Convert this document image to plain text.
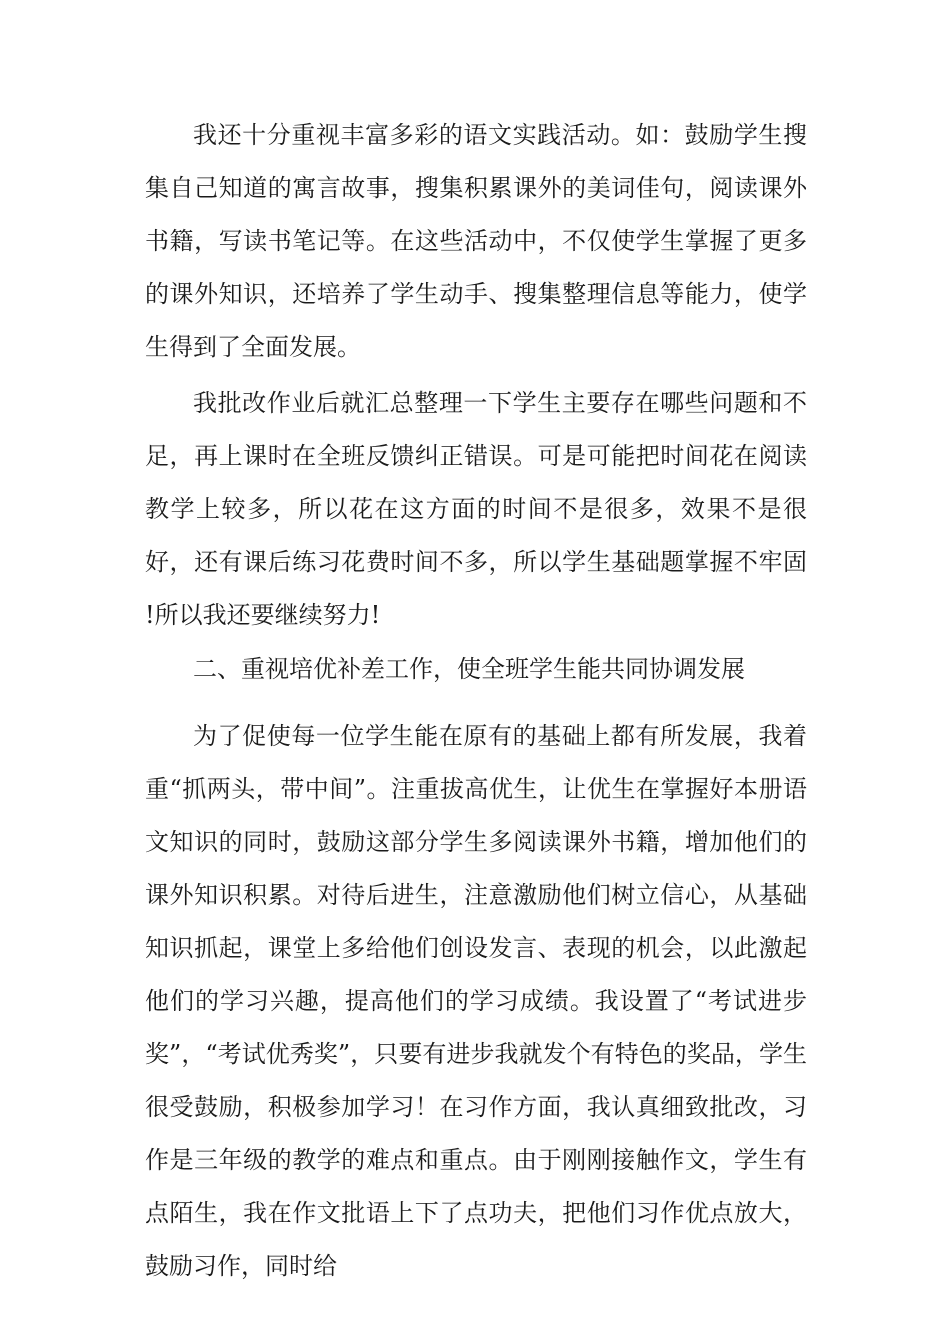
我还十分重视丰富多彩的语文实践活动。如：鼓励学生搜集自己知道的寓言故事，搜集积累课外的美词佳句，阅读课外书籍，写读书笔记等。在这些活动中，不仅使学生掌握了更多的课外知识，还培养了学生动手、搜集整理信息等能力，使学生得到了全面发展。

我批改作业后就汇总整理一下学生主要存在哪些问题和不足，再上课时在全班反馈纠正错误。可是可能把时间花在阅读教学上较多，所以花在这方面的时间不是很多，效果不是很好，还有课后练习花费时间不多，所以学生基础题掌握不牢固 !所以我还要继续努力!

二、重视培优补差工作，使全班学生能共同协调发展

为了促使每一位学生能在原有的基础上都有所发展，我着重“抓两头，带中间”。注重拔高优生，让优生在掌握好本册语文知识的同时，鼓励这部分学生多阅读课外书籍，增加他们的课外知识积累。对待后进生，注意激励他们树立信心，从基础知识抓起，课堂上多给他们创设发言、表现的机会，以此激起他们的学习兴趣，提高他们的学习成绩。我设置了“考试进步奖”，“考试优秀奖”，只要有进步我就发个有特色的奖品，学生很受鼓励，积极参加学习！在习作方面，我认真细致批改，习作是三年级的教学的难点和重点。由于刚刚接触作文，学生有点陌生，我在作文批语上下了点功夫，把他们习作优点放大，鼓励习作，同时给
